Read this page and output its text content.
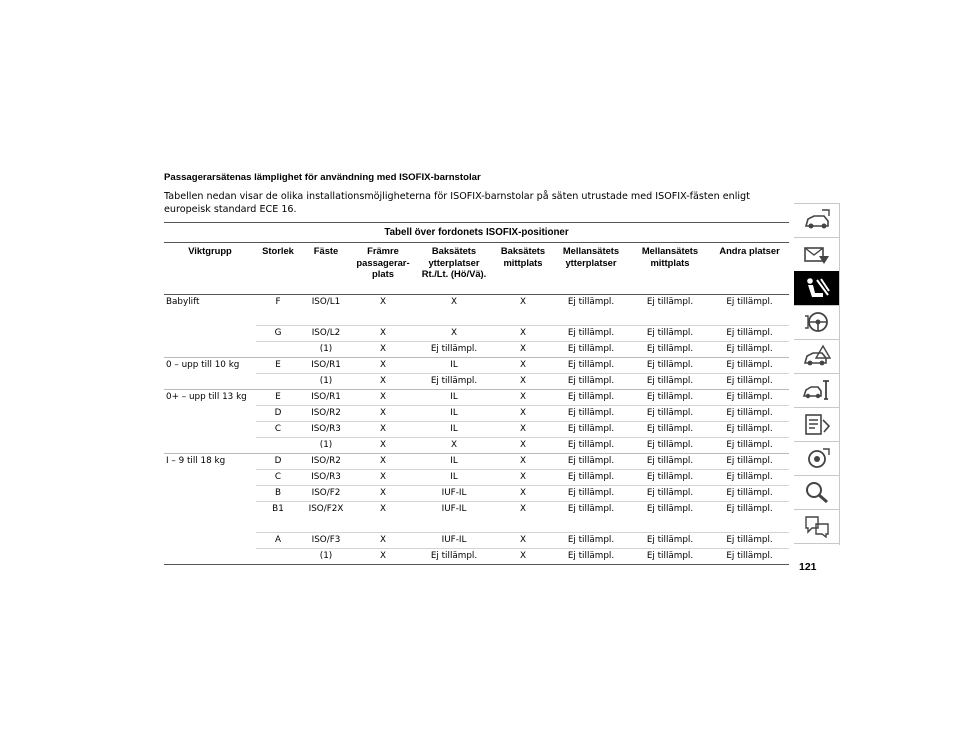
Passagerarsätenas lämplighet för användning med ISOFIX-barnstolar
Tabellen nedan visar de olika installationsmöjligheterna för ISOFIX-barnstolar på säten utrustade med ISOFIX-fästen enligt europeisk standard ECE 16.
Tabell över fordonets ISOFIX-positioner								
Viktgrupp	Storlek	Fäste	Främre passagerar-plats	Baksätets ytterplatser Rt./Lt. (Hö/Vä).	Baksätets mittplats	Mellansätets ytterplatser	Mellansätets mittplats	Andra platser
Babylift	F	ISO/L1	X	X	X	Ej tillämpl.	Ej tillämpl.	Ej tillämpl.
	G	ISO/L2	X	X	X	Ej tillämpl.	Ej tillämpl.	Ej tillämpl.
		(1)	X	Ej tillämpl.	X	Ej tillämpl.	Ej tillämpl.	Ej tillämpl.
0 – upp till 10 kg	E	ISO/R1	X	IL	X	Ej tillämpl.	Ej tillämpl.	Ej tillämpl.
		(1)	X	Ej tillämpl.	X	Ej tillämpl.	Ej tillämpl.	Ej tillämpl.
0+ – upp till 13 kg	E	ISO/R1	X	IL	X	Ej tillämpl.	Ej tillämpl.	Ej tillämpl.
	D	ISO/R2	X	IL	X	Ej tillämpl.	Ej tillämpl.	Ej tillämpl.
	C	ISO/R3	X	IL	X	Ej tillämpl.	Ej tillämpl.	Ej tillämpl.
		(1)	X	X	X	Ej tillämpl.	Ej tillämpl.	Ej tillämpl.
I – 9 till 18 kg	D	ISO/R2	X	IL	X	Ej tillämpl.	Ej tillämpl.	Ej tillämpl.
	C	ISO/R3	X	IL	X	Ej tillämpl.	Ej tillämpl.	Ej tillämpl.
	B	ISO/F2	X	IUF-IL	X	Ej tillämpl.	Ej tillämpl.	Ej tillämpl.
	B1	ISO/F2X	X	IUF-IL	X	Ej tillämpl.	Ej tillämpl.	Ej tillämpl.
	A	ISO/F3	X	IUF-IL	X	Ej tillämpl.	Ej tillämpl.	Ej tillämpl.
		(1)	X	Ej tillämpl.	X	Ej tillämpl.	Ej tillämpl.	Ej tillämpl.
121
